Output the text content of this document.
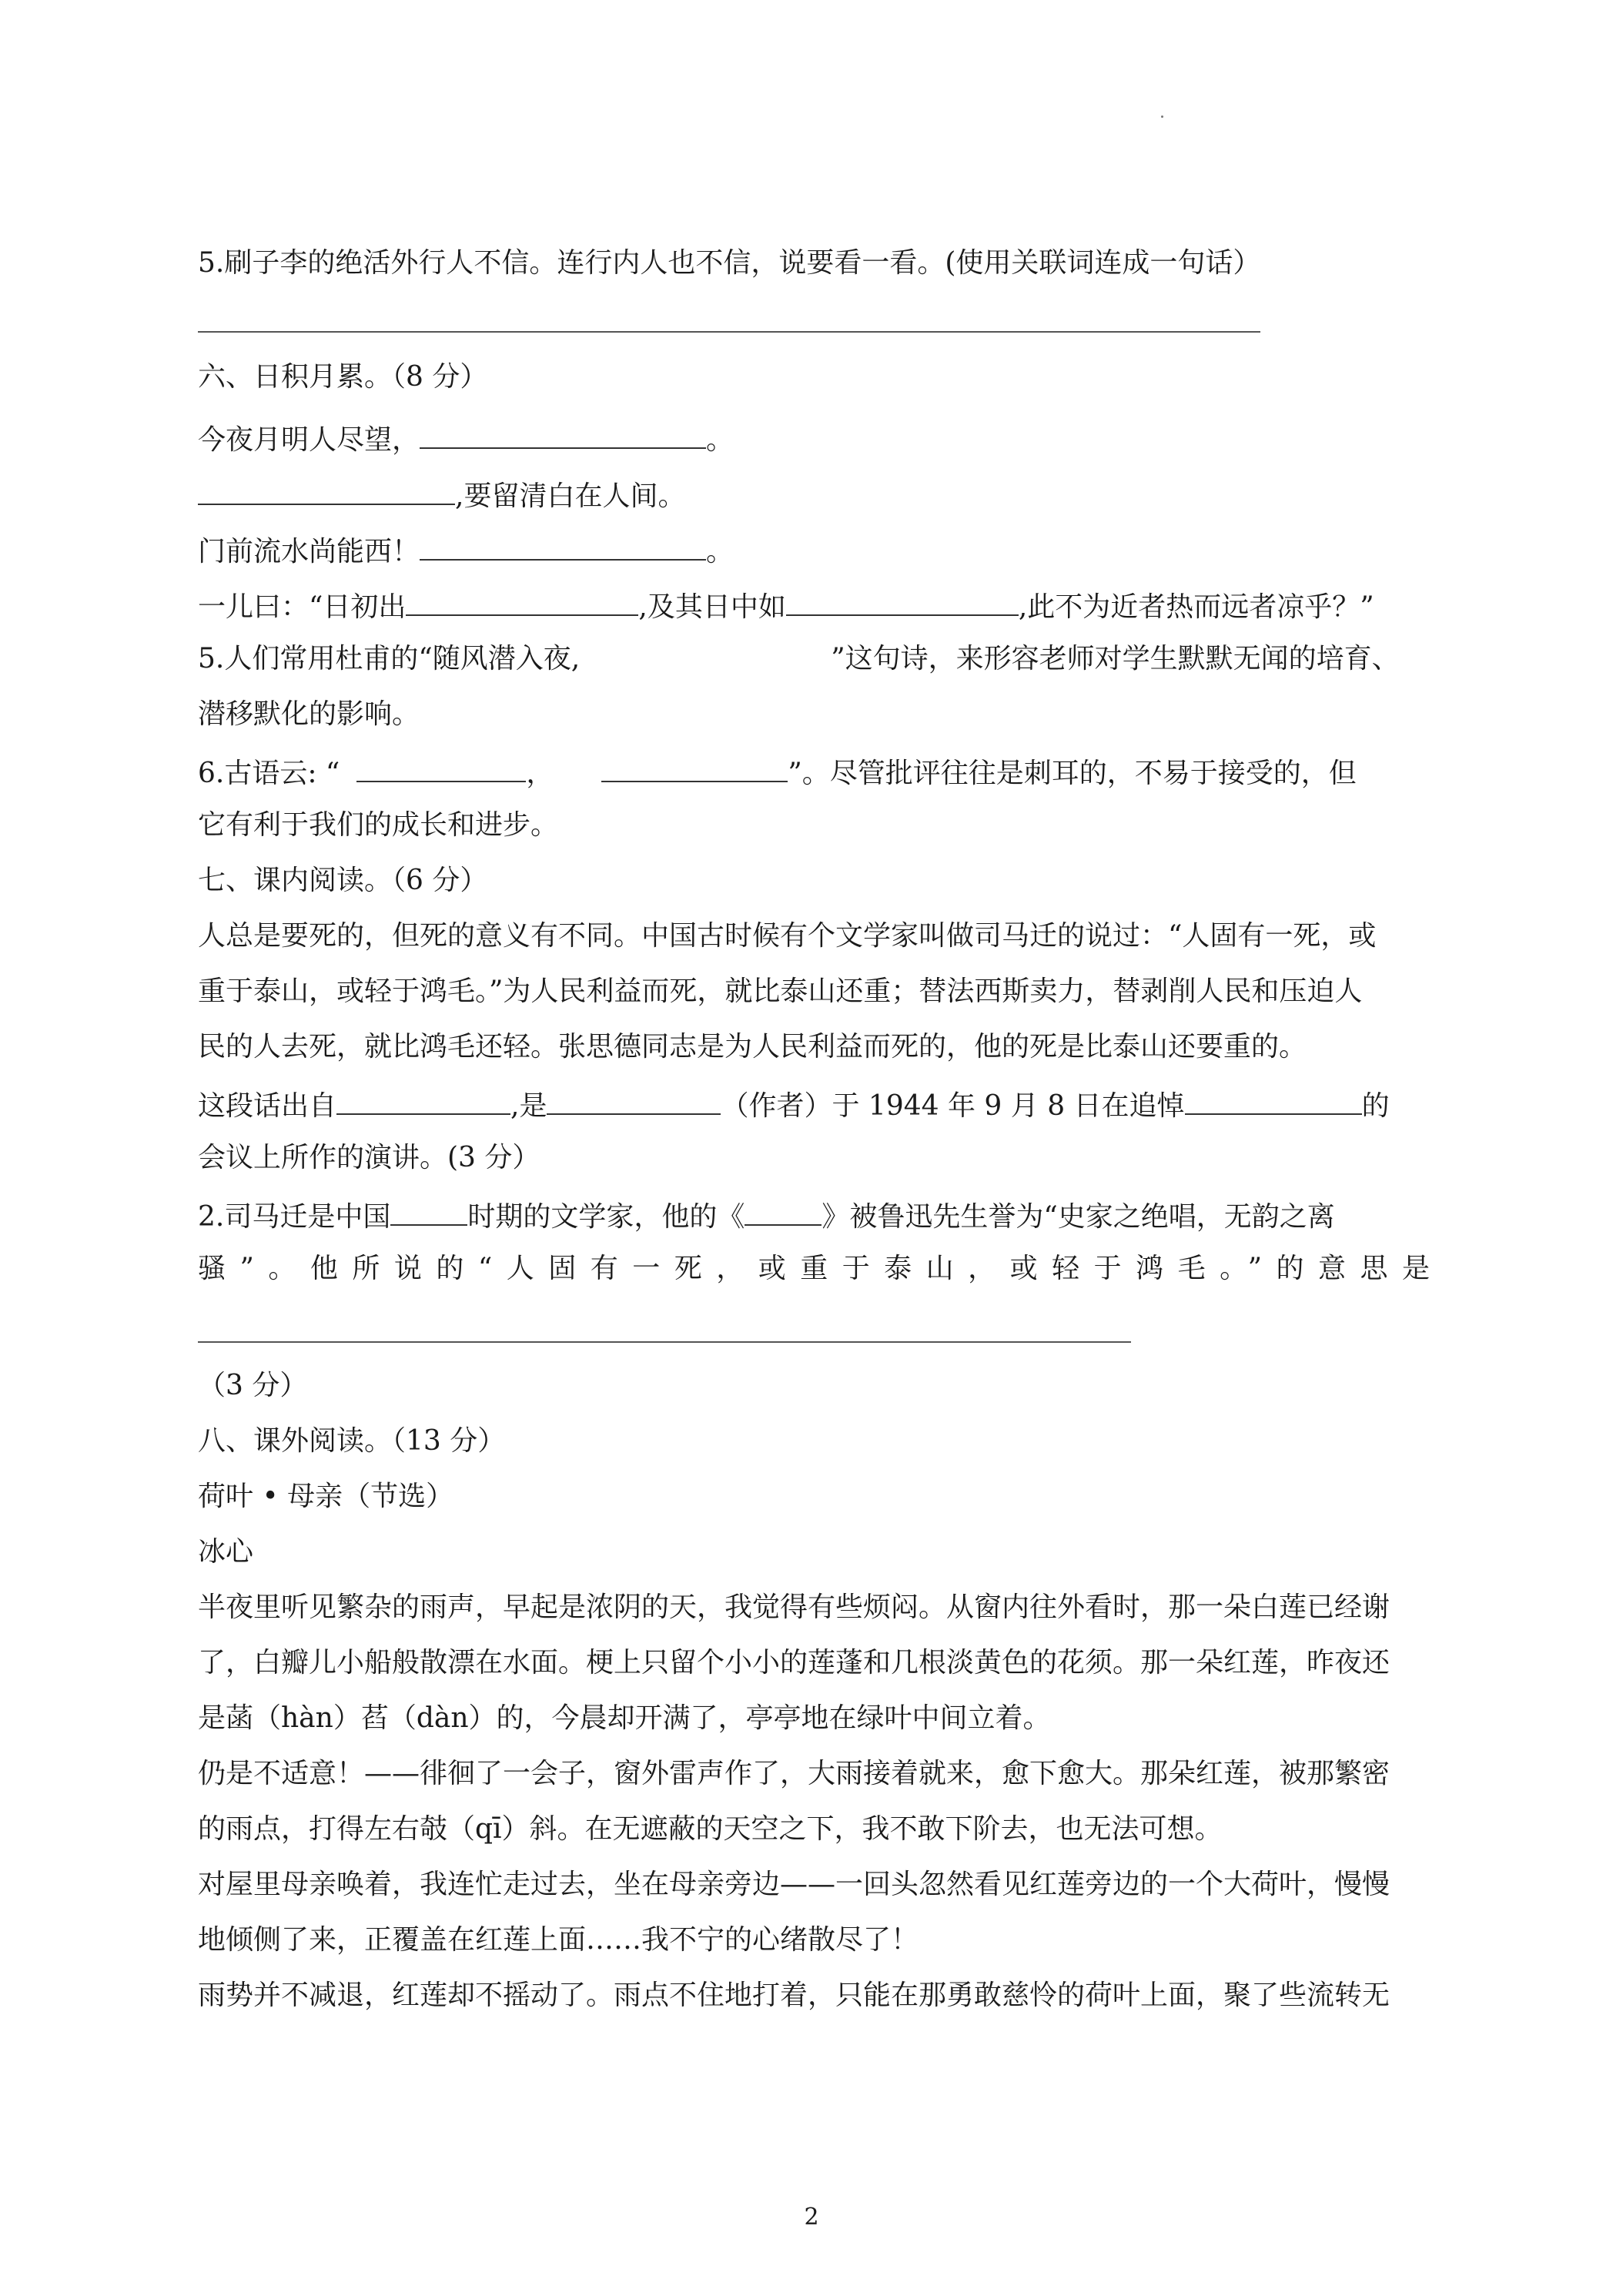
5.刷子李的绝活外行人不信。连行内人也不信，说要看一看。(使用关联词连成一句话）
六、日积月累。（8 分）
今夜月明人尽望，	。
,要留清白在人间。
门前流水尚能西！	。
一儿曰：“日初出	,及其日中如	,此不为近者热而远者凉乎？”
5.人们常用杜甫的“随风潜入夜,	”这句诗，来形容老师对学生默默无闻的培育、
潜移默化的影响。
6.古语云: “	，	”。尽管批评往往是刺耳的，不易于接受的，但
它有利于我们的成长和进步。
七、课内阅读。（6 分）
人总是要死的，但死的意义有不同。中国古时候有个文学家叫做司马迁的说过：“人固有一死，或
重于泰山，或轻于鸿毛。”为人民利益而死，就比泰山还重；替法西斯卖力，替剥削人民和压迫人
民的人去死，就比鸿毛还轻。张思德同志是为人民利益而死的，他的死是比泰山还要重的。
这段话出自	,是	（作者）于 1944 年 9 月 8 日在追悼	的
会议上所作的演讲。(3 分）
2.司马迁是中国	时期的文学家，他的《	》被鲁迅先生誉为“史家之绝唱，无韵之离
骚”。他所说的“人固有一死，或重于泰山，或轻于鸿毛。”的意思是
（3 分）
八、课外阅读。（13 分）
荷叶 • 母亲（节选）
冰心
半夜里听见繁杂的雨声，早起是浓阴的天，我觉得有些烦闷。从窗内往外看时，那一朵白莲已经谢
了，白瓣儿小船般散漂在水面。梗上只留个小小的莲蓬和几根淡黄色的花须。那一朵红莲，昨夜还
是菡（hàn）萏（dàn）的，今晨却开满了，亭亭地在绿叶中间立着。
仍是不适意！——徘徊了一会子，窗外雷声作了，大雨接着就来，愈下愈大。那朵红莲，被那繁密
的雨点，打得左右攲（qī）斜。在无遮蔽的天空之下，我不敢下阶去，也无法可想。
对屋里母亲唤着，我连忙走过去，坐在母亲旁边——一回头忽然看见红莲旁边的一个大荷叶，慢慢
地倾侧了来，正覆盖在红莲上面……我不宁的心绪散尽了！
雨势并不减退，红莲却不摇动了。雨点不住地打着，只能在那勇敢慈怜的荷叶上面，聚了些流转无
2
